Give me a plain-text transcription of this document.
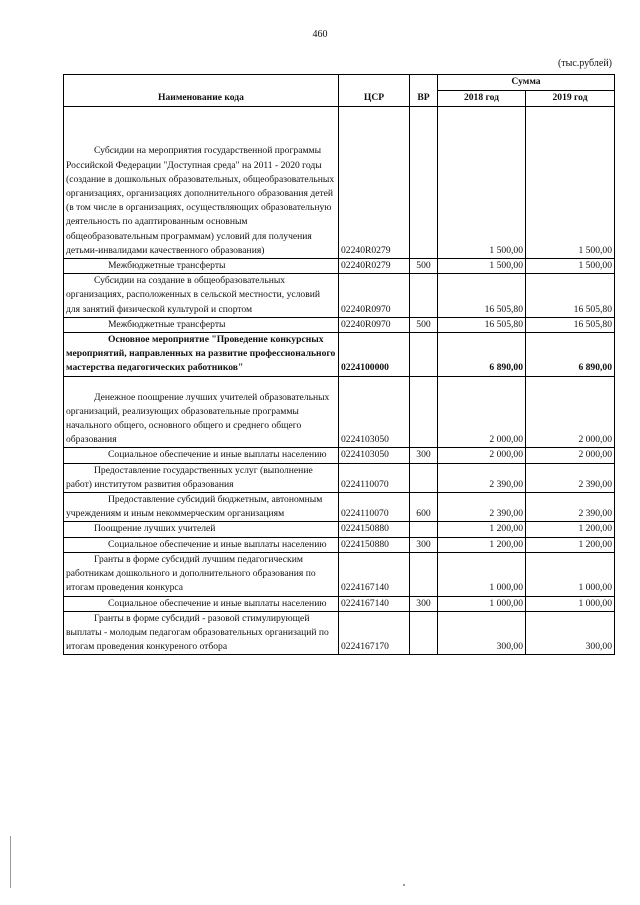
460
(тыс.рублей)
Наименование кода	ЦСР	ВР	Сумма	
			2018 год	2019 год
Субсидии на мероприятия государственной программы Российской Федерации "Доступная среда" на 2011 - 2020 годы (создание в дошкольных образовательных, общеобразовательных организациях, организациях дополнительного образования детей (в том числе в организациях, осуществляющих образовательную деятельность по адаптированным основным общеобразовательным программам) условий для получения детьми-инвалидами качественного образования)	02240R0279		1 500,00	1 500,00
Межбюджетные трансферты	02240R0279	500	1 500,00	1 500,00
Субсидии на создание в общеобразовательных организациях, расположенных в сельской местности, условий для занятий физической культурой и спортом	02240R0970		16 505,80	16 505,80
Межбюджетные трансферты	02240R0970	500	16 505,80	16 505,80
Основное мероприятие "Проведение конкурсных мероприятий, направленных на развитие профессионального мастерства педагогических работников"	0224100000		6 890,00	6 890,00
Денежное поощрение лучших учителей образовательных организаций, реализующих образовательные программы начального общего, основного общего и среднего общего образования	0224103050		2 000,00	2 000,00
Социальное обеспечение и иные выплаты населению	0224103050	300	2 000,00	2 000,00
Предоставление государственных услуг (выполнение работ) институтом развития образования	0224110070		2 390,00	2 390,00
Предоставление субсидий бюджетным, автономным учреждениям и иным некоммерческим организациям	0224110070	600	2 390,00	2 390,00
Поощрение лучших учителей	0224150880		1 200,00	1 200,00
Социальное обеспечение и иные выплаты населению	0224150880	300	1 200,00	1 200,00
Гранты в форме субсидий лучшим педагогическим работникам дошкольного и дополнительного образования по итогам проведения конкурса	0224167140		1 000,00	1 000,00
Социальное обеспечение и иные выплаты населению	0224167140	300	1 000,00	1 000,00
Гранты в форме субсидий - разовой стимулирующей выплаты - молодым педагогам образовательных организаций по итогам проведения конкуреного отбора	0224167170		300,00	300,00
